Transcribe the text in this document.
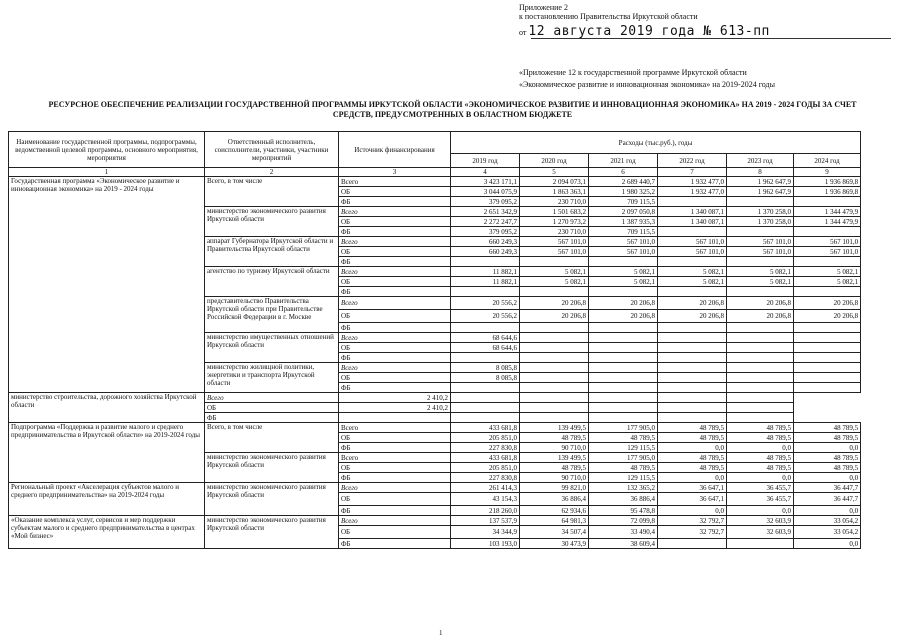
Приложение 2
к постановлению Правительства Иркутской области
от 12 августа 2019 года № 613-пп
«Приложение 12 к государственной программе Иркутской области
«Экономическое развитие и инновационная экономика» на 2019-2024 годы
РЕСУРСНОЕ ОБЕСПЕЧЕНИЕ РЕАЛИЗАЦИИ ГОСУДАРСТВЕННОЙ ПРОГРАММЫ ИРКУТСКОЙ ОБЛАСТИ «ЭКОНОМИЧЕСКОЕ РАЗВИТИЕ И ИННОВАЦИОННАЯ ЭКОНОМИКА» НА 2019 - 2024 ГОДЫ ЗА СЧЕТ
СРЕДСТВ, ПРЕДУСМОТРЕННЫХ В ОБЛАСТНОМ БЮДЖЕТЕ
Наименование государственной программы, подпрограммы, ведомственной целевой программы, основного мероприятия, мероприятия	Ответственный исполнитель, соисполнители, участники, участники мероприятий	Источник финансирования	Расходы (тыс.руб.), годы					
			2019 год	2020 год	2021 год	2022 год	2023 год	2024 год
1	2	3	4	5	6	7	8	9
Государственная программа «Экономическое развитие и инновационная экономика» на 2019 - 2024 годы	Всего, в том числе	Всего	3 423 171,1	2 094 073,1	2 689 440,7	1 932 477,0	1 962 647,9	1 936 869,8
		ОБ	3 044 075,9	1 863 363,1	1 980 325,2	1 932 477,0	1 962 647,9	1 936 869,8
		ФБ	379 095,2	230 710,0	709 115,5			
	министерство экономического развития Иркутской области	Всего	2 651 342,9	1 501 683,2	2 097 050,8	1 340 087,1	1 370 258,0	1 344 479,9
		ОБ	2 272 247,7	1 270 973,2	1 387 935,3	1 340 087,1	1 370 258,0	1 344 479,9
		ФБ	379 095,2	230 710,0	709 115,5			
	аппарат Губернатора Иркутской области и Правительства Иркутской области	Всего	660 249,3	567 101,0	567 101,0	567 101,0	567 101,0	567 101,0
		ОБ	660 249,3	567 101,0	567 101,0	567 101,0	567 101,0	567 101,0
		ФБ						
	агентство по туризму Иркутской области	Всего	11 882,1	5 082,1	5 082,1	5 082,1	5 082,1	5 082,1
		ОБ	11 882,1	5 082,1	5 082,1	5 082,1	5 082,1	5 082,1
		ФБ						
	представительство Правительства Иркутской области при Правительстве Российской Федерации в г. Москве	Всего	20 556,2	20 206,8	20 206,8	20 206,8	20 206,8	20 206,8
		ОБ	20 556,2	20 206,8	20 206,8	20 206,8	20 206,8	20 206,8
		ФБ						
	министерство имущественных отношений Иркутской области	Всего	68 644,6					
		ОБ	68 644,6					
		ФБ						
	министерство жилищной политики, энергетики и транспорта Иркутской области	Всего	8 085,8					
		ОБ	8 085,8					
		ФБ						
министерство строительства, дорожного хозяйства Иркутской области	Всего	2 410,2						
	ОБ	2 410,2						
	ФБ							
Подпрограмма «Поддержка и развитие малого и среднего предпринимательства в Иркутской области» на 2019-2024 годы	Всего, в том числе	Всего	433 681,8	139 499,5	177 905,0	48 789,5	48 789,5	48 789,5
		ОБ	205 851,0	48 789,5	48 789,5	48 789,5	48 789,5	48 789,5
		ФБ	227 830,8	90 710,0	129 115,5	0,0	0,0	0,0
	министерство экономического развития Иркутской области	Всего	433 681,8	139 499,5	177 905,0	48 789,5	48 789,5	48 789,5
		ОБ	205 851,0	48 789,5	48 789,5	48 789,5	48 789,5	48 789,5
		ФБ	227 830,8	90 710,0	129 115,5	0,0	0,0	0,0
Региональный проект «Акселерация субъектов малого и среднего предпринимательства» на 2019-2024 годы	министерство экономического развития Иркутской области	Всего	261 414,3	99 821,0	132 365,2	36 647,1	36 455,7	36 447,7
		ОБ	43 154,3	36 886,4	36 886,4	36 647,1	36 455,7	36 447,7
		ФБ	218 260,0	62 934,6	95 478,8	0,0	0,0	0,0
«Оказание комплекса услуг, сервисов и мер поддержки субъектам малого и среднего предпринимательства в центрах «Мой бизнес»	министерство экономического развития Иркутской области	Всего	137 537,9	64 981,3	72 099,8	32 792,7	32 603,9	33 054,2
		ОБ	34 344,9	34 507,4	33 490,4	32 792,7	32 603,9	33 054,2
		ФБ	103 193,0	30 473,9	38 609,4			0,0
1
